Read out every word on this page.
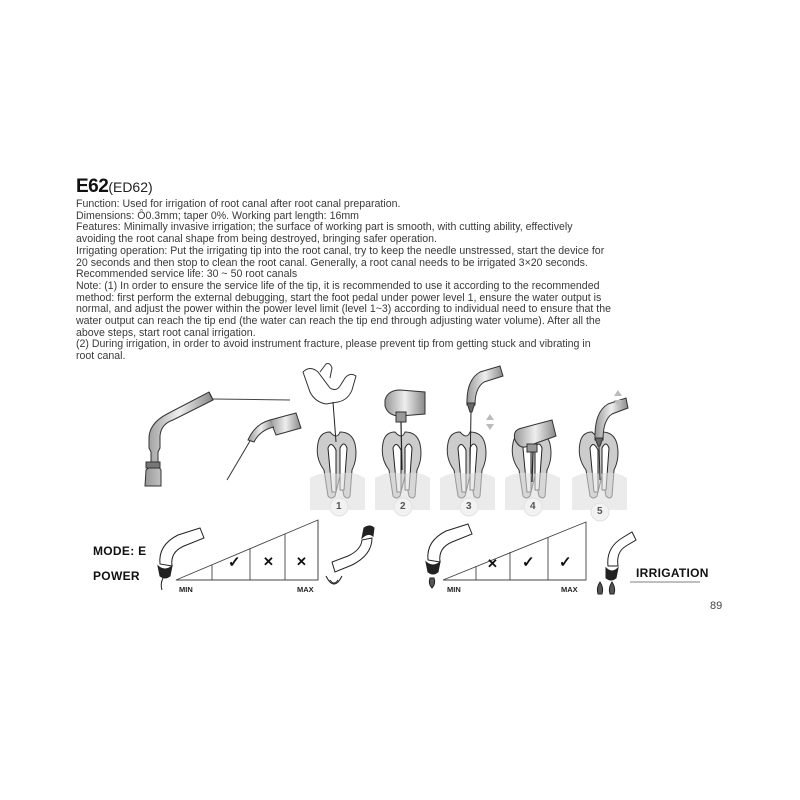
E62(ED62)
Function: Used for irrigation of root canal after root canal preparation.
Dimensions: Ô0.3mm; taper 0%. Working part length: 16mm
Features: Minimally invasive irrigation; the surface of working part is smooth, with cutting ability, effectively
avoiding the root canal shape from being destroyed, bringing safer operation.
Irrigating operation: Put the irrigating tip into the root canal, try to keep the needle unstressed, start the device for
20 seconds and then stop to clean the root canal. Generally, a root canal needs to be irrigated 3×20 seconds.
Recommended service life: 30 ~ 50 root canals
Note: (1) In order to ensure the service life of the tip, it is recommended to use it according to the recommended
method: first perform the external debugging, start the foot pedal under power level 1, ensure the water output is
normal, and adjust the power within the power level limit (level 1~3) according to individual need to ensure that the
water output can reach the tip end (the water can reach the tip end through adjusting water volume). After all the
above steps, start root canal irrigation.
(2) During irrigation, in order to avoid instrument fracture, please prevent tip from getting stuck and vibrating in
root canal.
1	2	3	4	5
✓ ✕ ✕	✕ ✓ ✓
MIN	MAX	MIN	MAX
MODE: E
POWER	IRRIGATION
89
